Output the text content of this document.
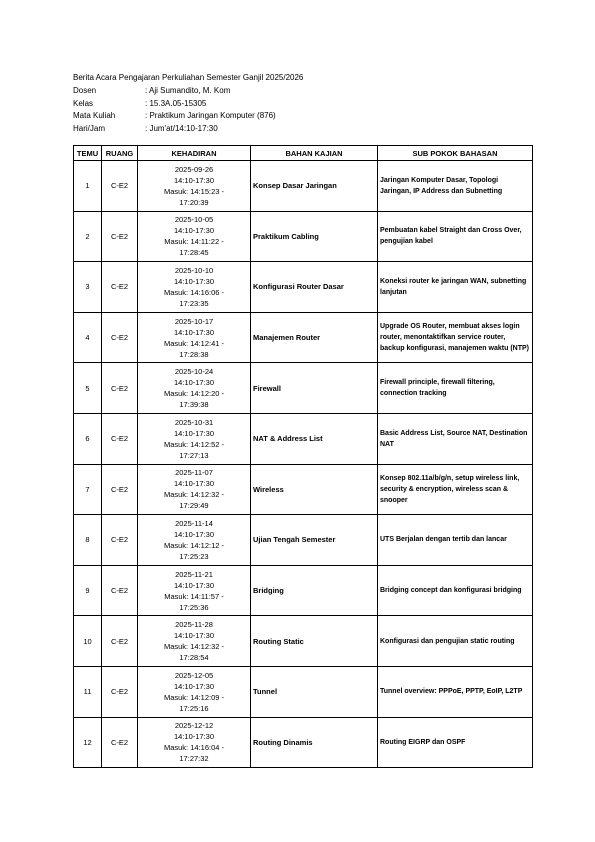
Berita Acara Pengajaran Perkuliahan Semester Ganjil 2025/2026
Dosen	: Aji Sumandito, M. Kom
Kelas	: 15.3A.05-15305
Mata Kuliah	: Praktikum Jaringan Komputer (876)
Hari/Jam	: Jum'at/14:10-17:30
TEMU	RUANG	KEHADIRAN	BAHAN KAJIAN	SUB POKOK BAHASAN
1	C-E2	2025-09-26
14:10-17:30
Masuk: 14:15:23 -
17:20:39	Konsep Dasar Jaringan	Jaringan Komputer Dasar, Topologi Jaringan, IP Address dan Subnetting
2	C-E2	2025-10-05
14:10-17:30
Masuk: 14:11:22 -
17:28:45	Praktikum Cabling	Pembuatan kabel Straight dan Cross Over, pengujian kabel
3	C-E2	2025-10-10
14:10-17:30
Masuk: 14:16:06 -
17:23:35	Konfigurasi Router Dasar	Koneksi router ke jaringan WAN, subnetting lanjutan
4	C-E2	2025-10-17
14:10-17:30
Masuk: 14:12:41 -
17:28:38	Manajemen Router	Upgrade OS Router, membuat akses login router, menontaktifkan service router, backup konfigurasi, manajemen waktu (NTP)
5	C-E2	2025-10-24
14:10-17:30
Masuk: 14:12:20 -
17:39:38	Firewall	Firewall principle, firewall filtering, connection tracking
6	C-E2	2025-10-31
14:10-17:30
Masuk: 14:12:52 -
17:27:13	NAT & Address List	Basic Address List, Source NAT, Destination NAT
7	C-E2	2025-11-07
14:10-17:30
Masuk: 14:12:32 -
17:29:49	Wireless	Konsep 802.11a/b/g/n, setup wireless link, security & encryption, wireless scan & snooper
8	C-E2	2025-11-14
14:10-17:30
Masuk: 14:12:12 -
17:25:23	Ujian Tengah Semester	UTS Berjalan dengan tertib dan lancar
9	C-E2	2025-11-21
14:10-17:30
Masuk: 14:11:57 -
17:25:36	Bridging	Bridging concept dan konfigurasi bridging
10	C-E2	2025-11-28
14:10-17:30
Masuk: 14:12:32 -
17:28:54	Routing Static	Konfigurasi dan pengujian static routing
11	C-E2	2025-12-05
14:10-17:30
Masuk: 14:12:09 -
17:25:16	Tunnel	Tunnel overview: PPPoE, PPTP, EoIP, L2TP
12	C-E2	2025-12-12
14:10-17:30
Masuk: 14:16:04 -
17:27:32	Routing Dinamis	Routing EIGRP dan OSPF
